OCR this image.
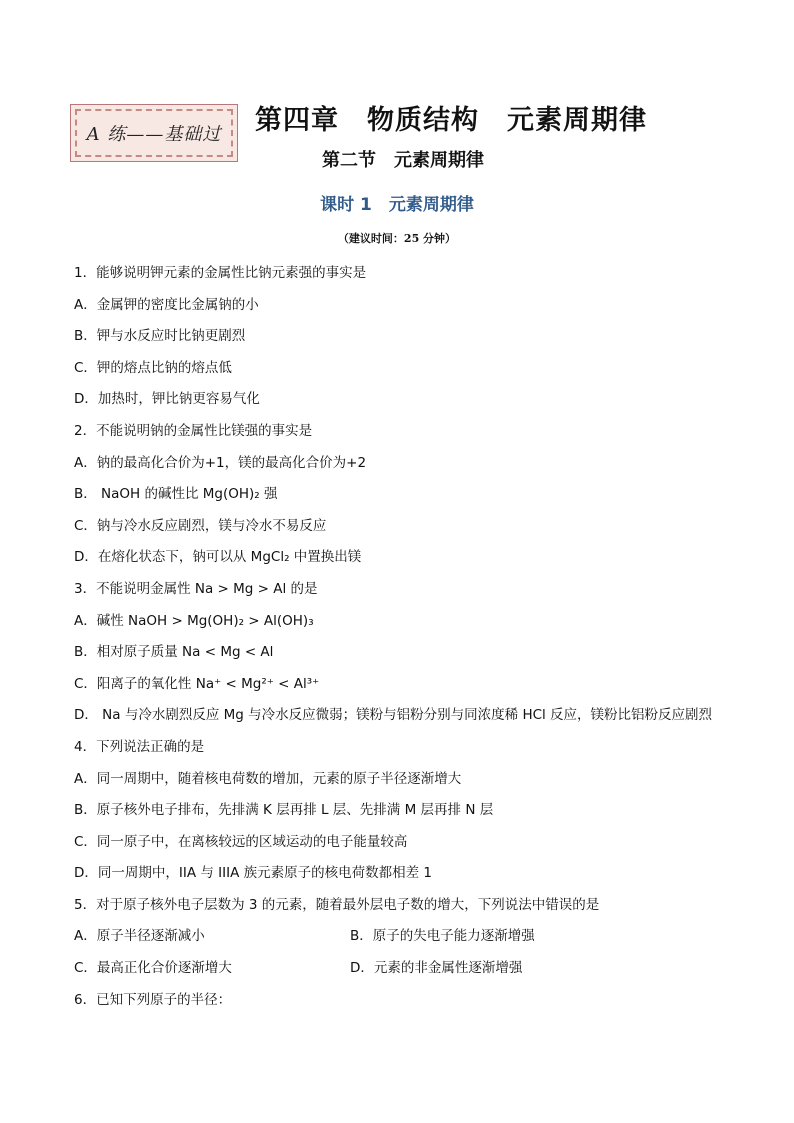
A 练——基础过 第四章　物质结构　元素周期律
第二节　元素周期律
课时 1　元素周期律
（建议时间：25 分钟）
1．能够说明钾元素的金属性比钠元素强的事实是
A．金属钾的密度比金属钠的小
B．钾与水反应时比钠更剧烈
C．钾的熔点比钠的熔点低
D．加热时，钾比钠更容易气化
2．不能说明钠的金属性比镁强的事实是
A．钠的最高化合价为+1，镁的最高化合价为+2
B． NaOH 的碱性比 Mg(OH)₂ 强
C．钠与冷水反应剧烈，镁与冷水不易反应
D．在熔化状态下，钠可以从 MgCl₂ 中置换出镁
3．不能说明金属性 Na > Mg > Al 的是
A．碱性 NaOH > Mg(OH)₂ > Al(OH)₃
B．相对原子质量 Na < Mg < Al
C．阳离子的氧化性 Na⁺ < Mg²⁺ < Al³⁺
D． Na 与冷水剧烈反应 Mg 与冷水反应微弱；镁粉与铝粉分别与同浓度稀 HCl 反应，镁粉比铝粉反应剧烈
4．下列说法正确的是
A．同一周期中，随着核电荷数的增加，元素的原子半径逐渐增大
B．原子核外电子排布，先排满 K 层再排 L 层、先排满 M 层再排 N 层
C．同一原子中，在离核较远的区域运动的电子能量较高
D．同一周期中，IIA 与 IIIA 族元素原子的核电荷数都相差 1
5．对于原子核外电子层数为 3 的元素，随着最外层电子数的增大，下列说法中错误的是
A．原子半径逐渐减小	B．原子的失电子能力逐渐增强
C．最高正化合价逐渐增大	D．元素的非金属性逐渐增强
6．已知下列原子的半径：
